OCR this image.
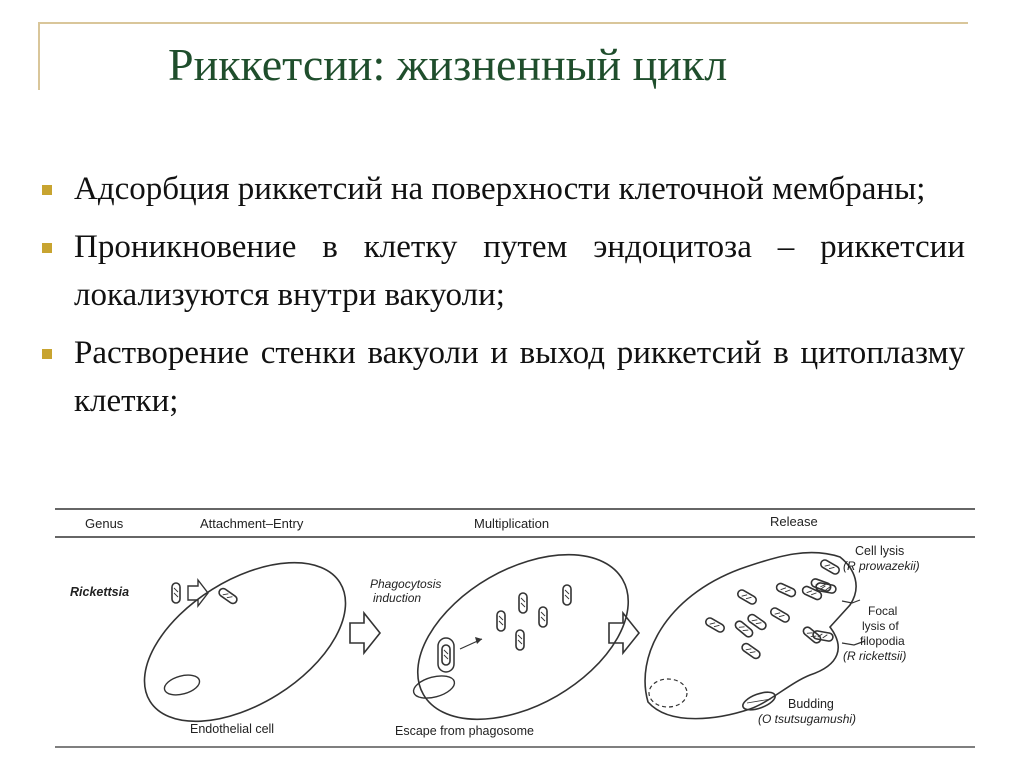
Риккетсии: жизненный цикл
Адсорбция риккетсий на поверхности клеточной мембраны;
Проникновение в клетку путем эндоцитоза – риккетсии локализуются внутри вакуоли;
Растворение стенки вакуоли и выход риккетсий в цитоплазму клетки;
Genus	Attachment–Entry	Multiplication	Release
Rickettsia
Endothelial cell
Phagocytosis
induction
Escape from phagosome
Cell lysis
(R prowazekii)
Focal
lysis of
filopodia
(R rickettsii)
Budding
(O tsutsugamushi)
